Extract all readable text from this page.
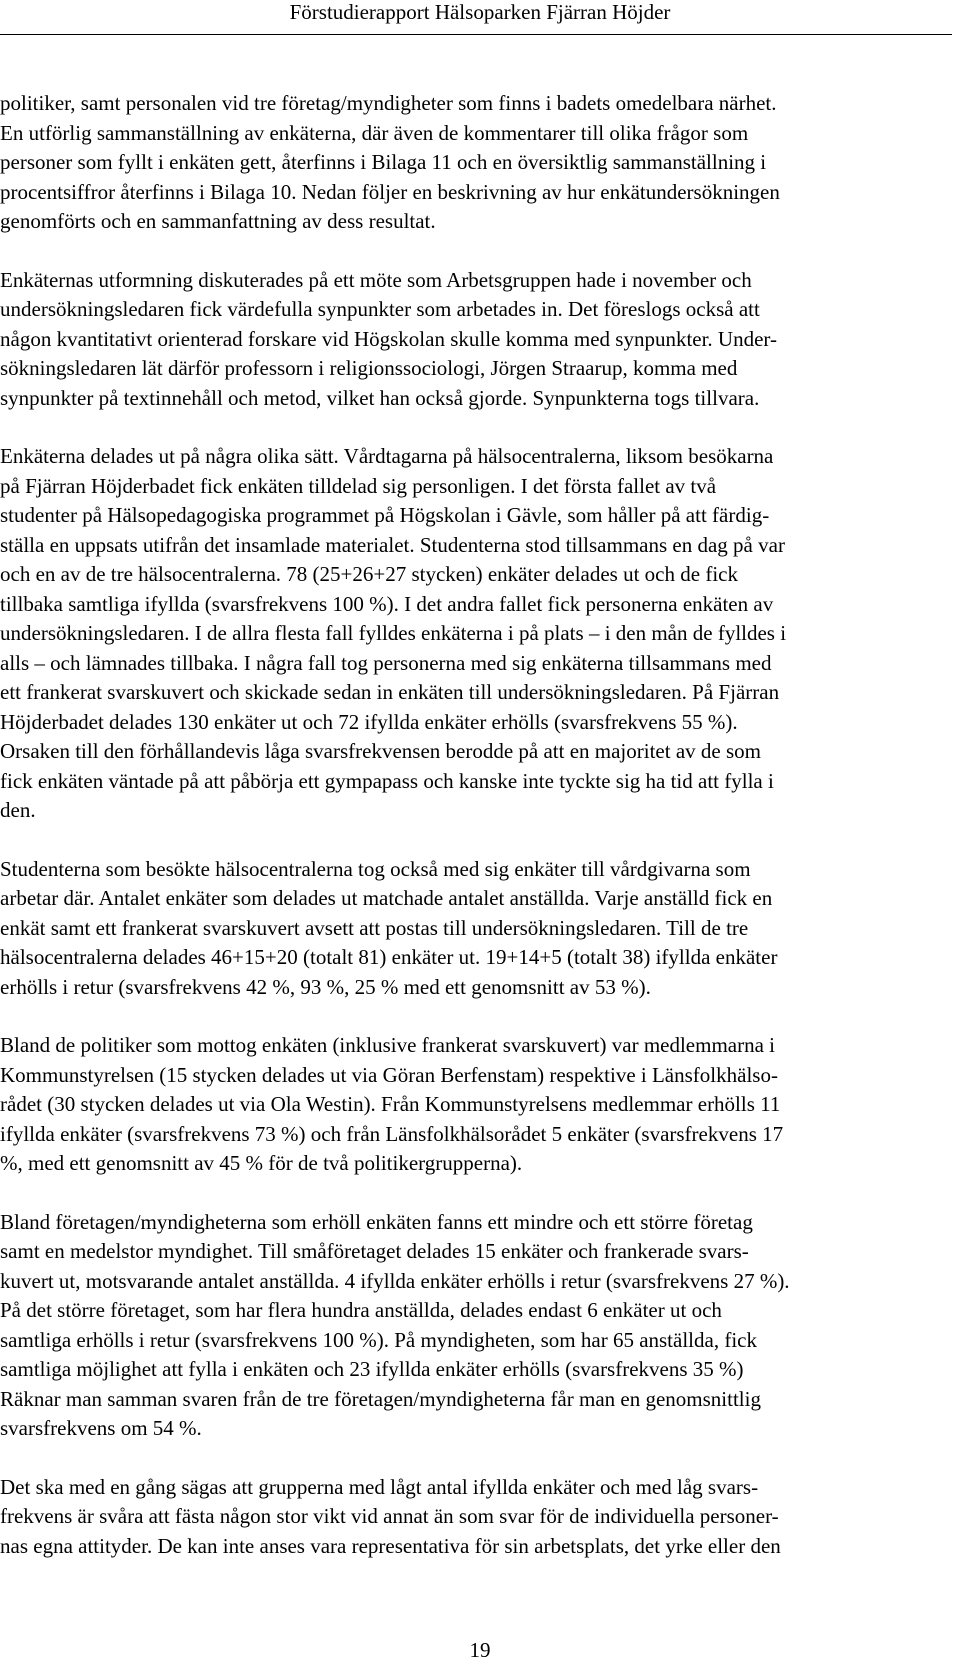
Förstudierapport Hälsoparken Fjärran Höjder
politiker, samt personalen vid tre företag/myndigheter som finns i badets omedelbara närhet.
En utförlig sammanställning av enkäterna, där även de kommentarer till olika frågor som
personer som fyllt i enkäten gett, återfinns i Bilaga 11 och en översiktlig sammanställning i
procentsiffror återfinns i Bilaga 10. Nedan följer en beskrivning av hur enkätundersökningen
genomförts och en sammanfattning av dess resultat.
Enkäternas utformning diskuterades på ett möte som Arbetsgruppen hade i november och
undersökningsledaren fick värdefulla synpunkter som arbetades in. Det föreslogs också att
någon kvantitativt orienterad forskare vid Högskolan skulle komma med synpunkter. Under-
sökningsledaren lät därför professorn i religionssociologi, Jörgen Straarup, komma med
synpunkter på textinnehåll och metod, vilket han också gjorde. Synpunkterna togs tillvara.
Enkäterna delades ut på några olika sätt. Vårdtagarna på hälsocentralerna, liksom besökarna
på Fjärran Höjderbadet fick enkäten tilldelad sig personligen. I det första fallet av två
studenter på Hälsopedagogiska programmet på Högskolan i Gävle, som håller på att färdig-
ställa en uppsats utifrån det insamlade materialet. Studenterna stod tillsammans en dag på var
och en av de tre hälsocentralerna. 78 (25+26+27 stycken) enkäter delades ut och de fick
tillbaka samtliga ifyllda (svarsfrekvens 100 %). I det andra fallet fick personerna enkäten av
undersökningsledaren. I de allra flesta fall fylldes enkäterna i på plats – i den mån de fylldes i
alls – och lämnades tillbaka. I några fall tog personerna med sig enkäterna tillsammans med
ett frankerat svarskuvert och skickade sedan in enkäten till undersökningsledaren. På Fjärran
Höjderbadet delades 130 enkäter ut och 72 ifyllda enkäter erhölls (svarsfrekvens 55 %).
Orsaken till den förhållandevis låga svarsfrekvensen berodde på att en majoritet av de som
fick enkäten väntade på att påbörja ett gympapass och kanske inte tyckte sig ha tid att fylla i
den.
Studenterna som besökte hälsocentralerna tog också med sig enkäter till vårdgivarna som
arbetar där. Antalet enkäter som delades ut matchade antalet anställda. Varje anställd fick en
enkät samt ett frankerat svarskuvert avsett att postas till undersökningsledaren. Till de tre
hälsocentralerna delades 46+15+20 (totalt 81) enkäter ut. 19+14+5 (totalt 38) ifyllda enkäter
erhölls i retur (svarsfrekvens 42 %, 93 %, 25 % med ett genomsnitt av 53 %).
Bland de politiker som mottog enkäten (inklusive frankerat svarskuvert) var medlemmarna i
Kommunstyrelsen (15 stycken delades ut via Göran Berfenstam) respektive i Länsfolkhälso-
rådet (30 stycken delades ut via Ola Westin). Från Kommunstyrelsens medlemmar erhölls 11
ifyllda enkäter (svarsfrekvens 73 %) och från Länsfolkhälsorådet 5 enkäter (svarsfrekvens 17
%, med ett genomsnitt av 45 % för de två politikergrupperna).
Bland företagen/myndigheterna som erhöll enkäten fanns ett mindre och ett större företag
samt en medelstor myndighet. Till småföretaget delades 15 enkäter och frankerade svars-
kuvert ut, motsvarande antalet anställda. 4 ifyllda enkäter erhölls i retur (svarsfrekvens 27 %).
På det större företaget, som har flera hundra anställda, delades endast 6 enkäter ut och
samtliga erhölls i retur (svarsfrekvens 100 %). På myndigheten, som har 65 anställda, fick
samtliga möjlighet att fylla i enkäten och 23 ifyllda enkäter erhölls (svarsfrekvens 35 %)
Räknar man samman svaren från de tre företagen/myndigheterna får man en genomsnittlig
svarsfrekvens om 54 %.
Det ska med en gång sägas att grupperna med lågt antal ifyllda enkäter och med låg svars-
frekvens är svåra att fästa någon stor vikt vid annat än som svar för de individuella personer-
nas egna attityder. De kan inte anses vara representativa för sin arbetsplats, det yrke eller den
19
